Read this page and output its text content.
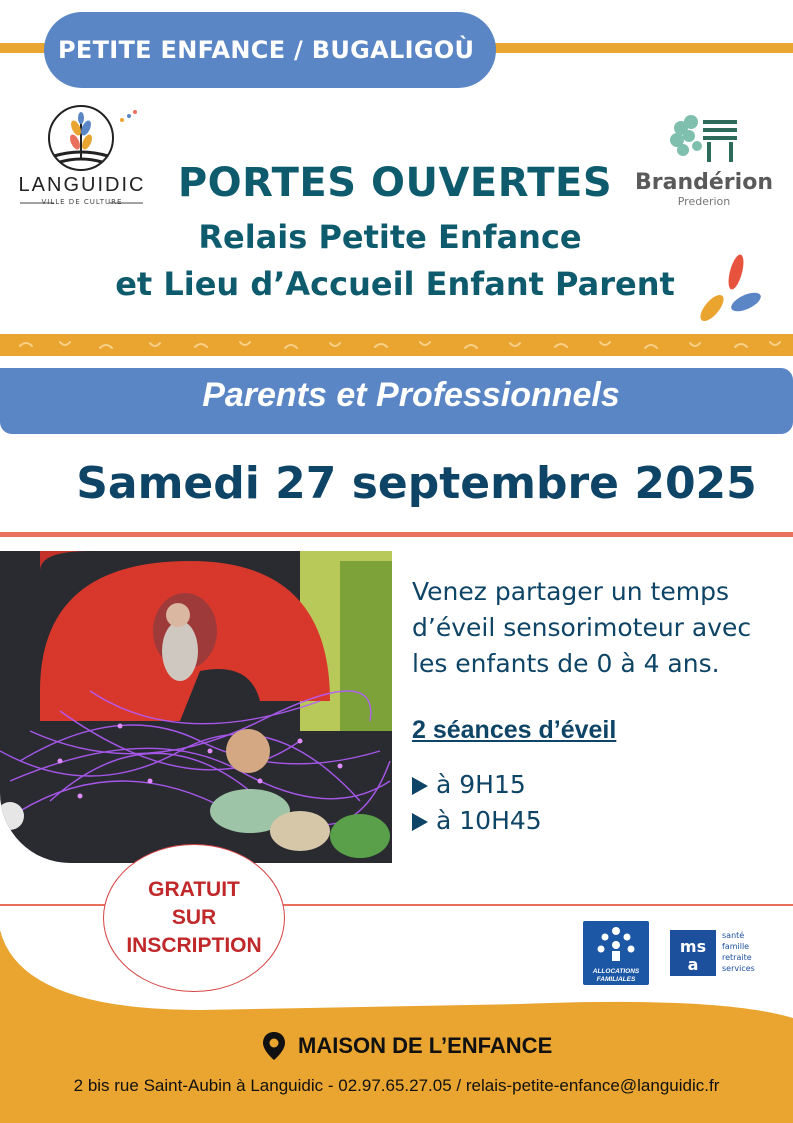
PETITE ENFANCE / BUGALIGOÙ
LANGUIDIC
VILLE DE CULTURE
Brandérion
Prederion
PORTES OUVERTES
Relais Petite Enfance
et Lieu d’Accueil Enfant Parent
Parents et Professionnels
Samedi 27 septembre 2025
Venez partager un temps
d’éveil sensorimoteur avec
les enfants de 0 à 4 ans.
2 séances d’éveil
à 9H15
à 10H45
GRATUIT
SUR
INSCRIPTION
ALLOCATIONS
FAMILIALES
ms
a
santé
famille
retraite
services
MAISON DE L’ENFANCE
2 bis rue Saint-Aubin à Languidic - 02.97.65.27.05 / relais-petite-enfance@languidic.fr
